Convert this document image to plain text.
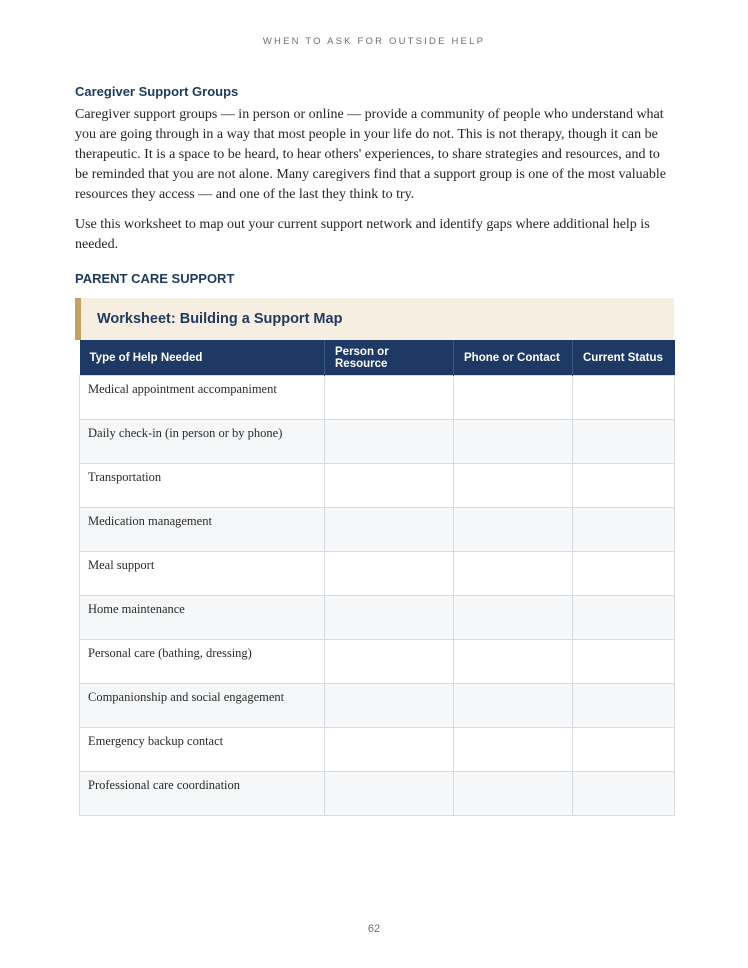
WHEN TO ASK FOR OUTSIDE HELP
Caregiver Support Groups

Caregiver support groups — in person or online — provide a community of people who understand what you are going through in a way that most people in your life do not. This is not therapy, though it can be therapeutic. It is a space to be heard, to hear others' experiences, to share strategies and resources, and to be reminded that you are not alone. Many caregivers find that a support group is one of the most valuable resources they access — and one of the last they think to try.

Use this worksheet to map out your current support network and identify gaps where additional help is needed.

PARENT CARE SUPPORT
Worksheet: Building a Support Map
Type of Help Needed	Person or Resource	Phone or Contact	Current Status
Medical appointment accompaniment			
Daily check-in (in person or by phone)			
Transportation			
Medication management			
Meal support			
Home maintenance			
Personal care (bathing, dressing)			
Companionship and social engagement			
Emergency backup contact			
Professional care coordination			
62
